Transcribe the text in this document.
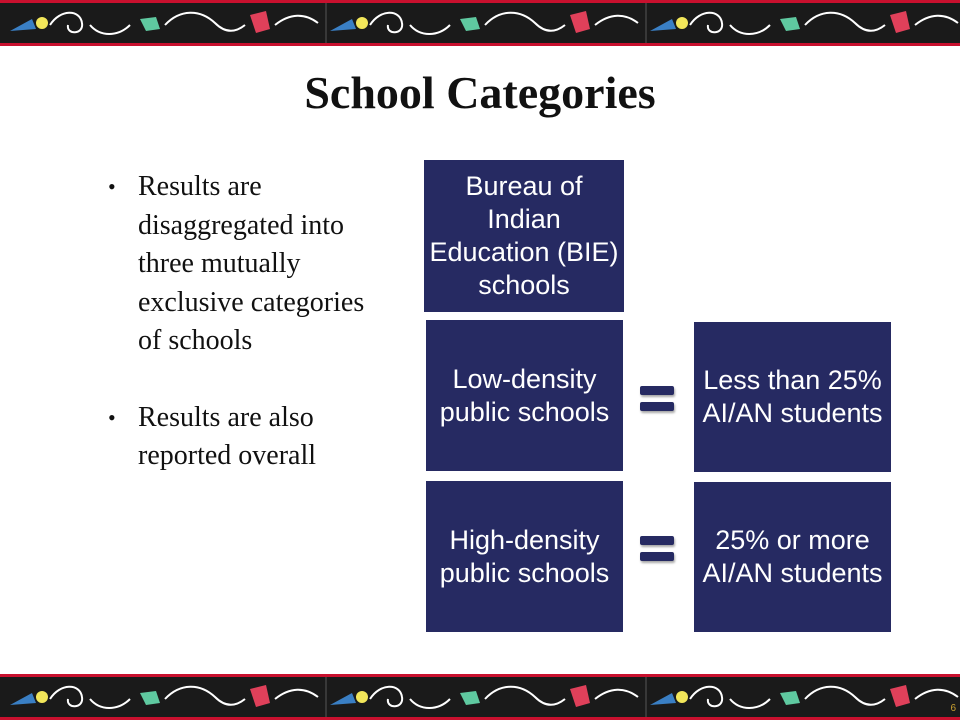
School Categories
• Results are disaggregated into three mutually exclusive categories of schools
• Results are also reported overall
Bureau of Indian Education (BIE) schools
Low-density public schools
High-density public schools
Less than 25% AI/AN students
25% or more AI/AN students
6
